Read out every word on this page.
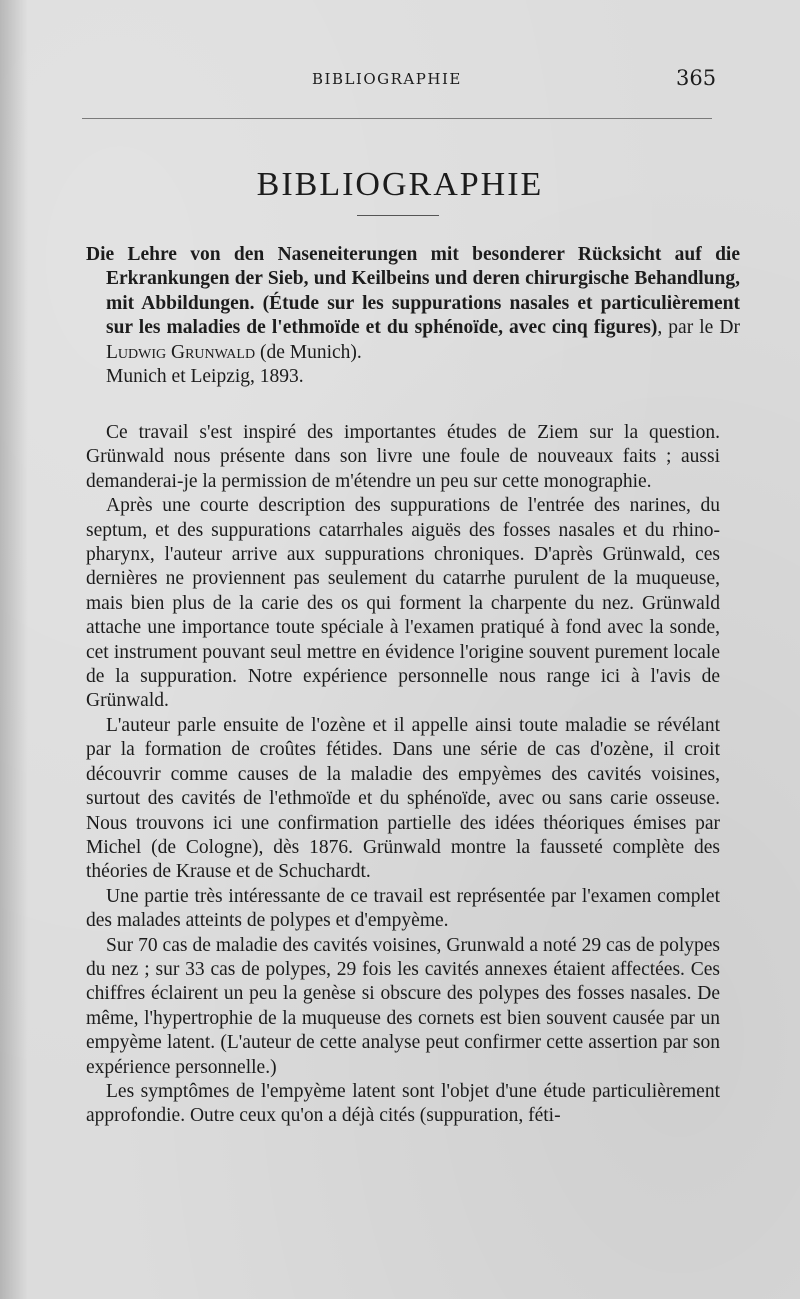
BIBLIOGRAPHIE	365
BIBLIOGRAPHIE
Die Lehre von den Naseneiterungen mit besonderer Rücksicht auf die Erkrankungen der Sieb, und Keilbeins und deren chirurgische Behandlung, mit Abbildungen. (Étude sur les suppurations nasales et particulièrement sur les maladies de l'ethmoïde et du sphénoïde, avec cinq figures), par le Dr Ludwig Grunwald (de Munich).
Munich et Leipzig, 1893.

Ce travail s'est inspiré des importantes études de Ziem sur la question. Grünwald nous présente dans son livre une foule de nouveaux faits ; aussi demanderai-je la permission de m'étendre un peu sur cette monographie.

Après une courte description des suppurations de l'entrée des narines, du septum, et des suppurations catarrhales aiguës des fosses nasales et du rhino-pharynx, l'auteur arrive aux suppurations chroniques. D'après Grünwald, ces dernières ne proviennent pas seulement du catarrhe purulent de la muqueuse, mais bien plus de la carie des os qui forment la charpente du nez. Grünwald attache une importance toute spéciale à l'examen pratiqué à fond avec la sonde, cet instrument pouvant seul mettre en évidence l'origine souvent purement locale de la suppuration. Notre expérience personnelle nous range ici à l'avis de Grünwald.

L'auteur parle ensuite de l'ozène et il appelle ainsi toute maladie se révélant par la formation de croûtes fétides. Dans une série de cas d'ozène, il croit découvrir comme causes de la maladie des empyèmes des cavités voisines, surtout des cavités de l'ethmoïde et du sphénoïde, avec ou sans carie osseuse. Nous trouvons ici une confirmation partielle des idées théoriques émises par Michel (de Cologne), dès 1876. Grünwald montre la fausseté complète des théories de Krause et de Schuchardt.

Une partie très intéressante de ce travail est représentée par l'examen complet des malades atteints de polypes et d'empyème.

Sur 70 cas de maladie des cavités voisines, Grunwald a noté 29 cas de polypes du nez ; sur 33 cas de polypes, 29 fois les cavités annexes étaient affectées. Ces chiffres éclairent un peu la genèse si obscure des polypes des fosses nasales. De même, l'hypertrophie de la muqueuse des cornets est bien souvent causée par un empyème latent. (L'auteur de cette analyse peut confirmer cette assertion par son expérience personnelle.)

Les symptômes de l'empyème latent sont l'objet d'une étude particulièrement approfondie. Outre ceux qu'on a déjà cités (suppuration, féti-
